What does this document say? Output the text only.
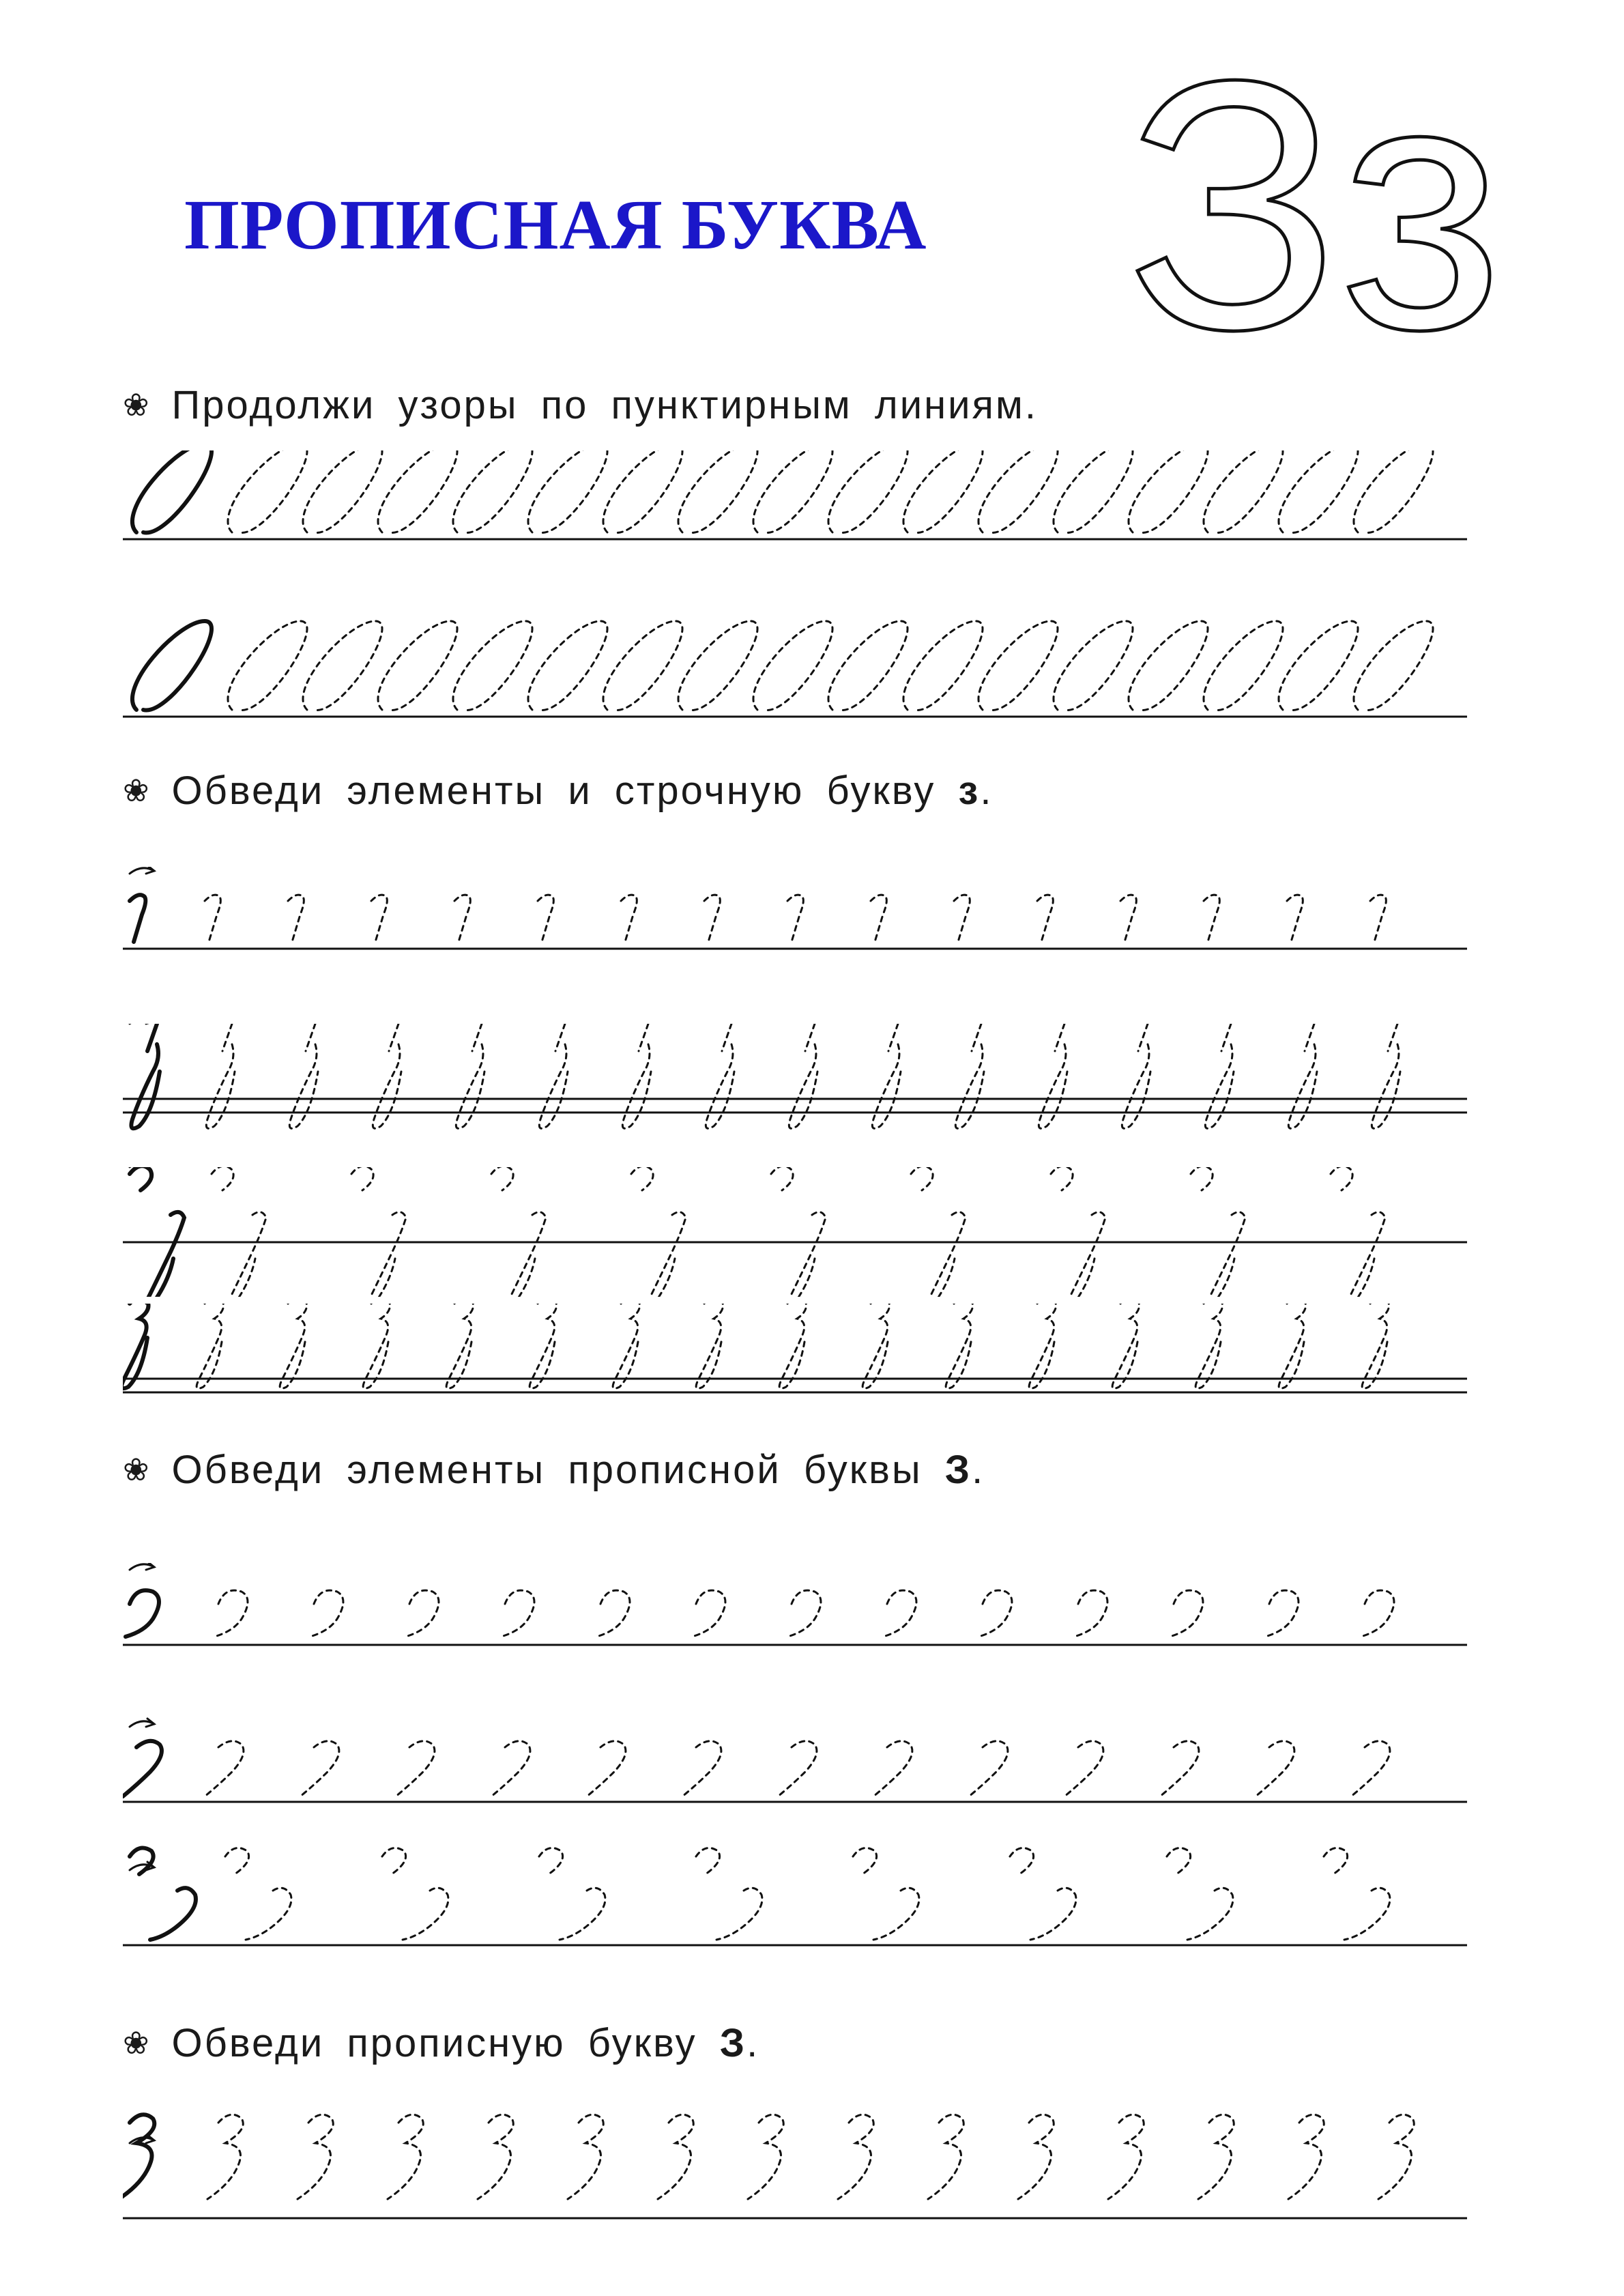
ПРОПИСНАЯ БУКВА Зз
❀ Продолжи узоры по пунктирным линиям.
❀ Обведи элементы и строчную букву з.
❀ Обведи элементы прописной буквы З.
❀ Обведи прописную букву З.
